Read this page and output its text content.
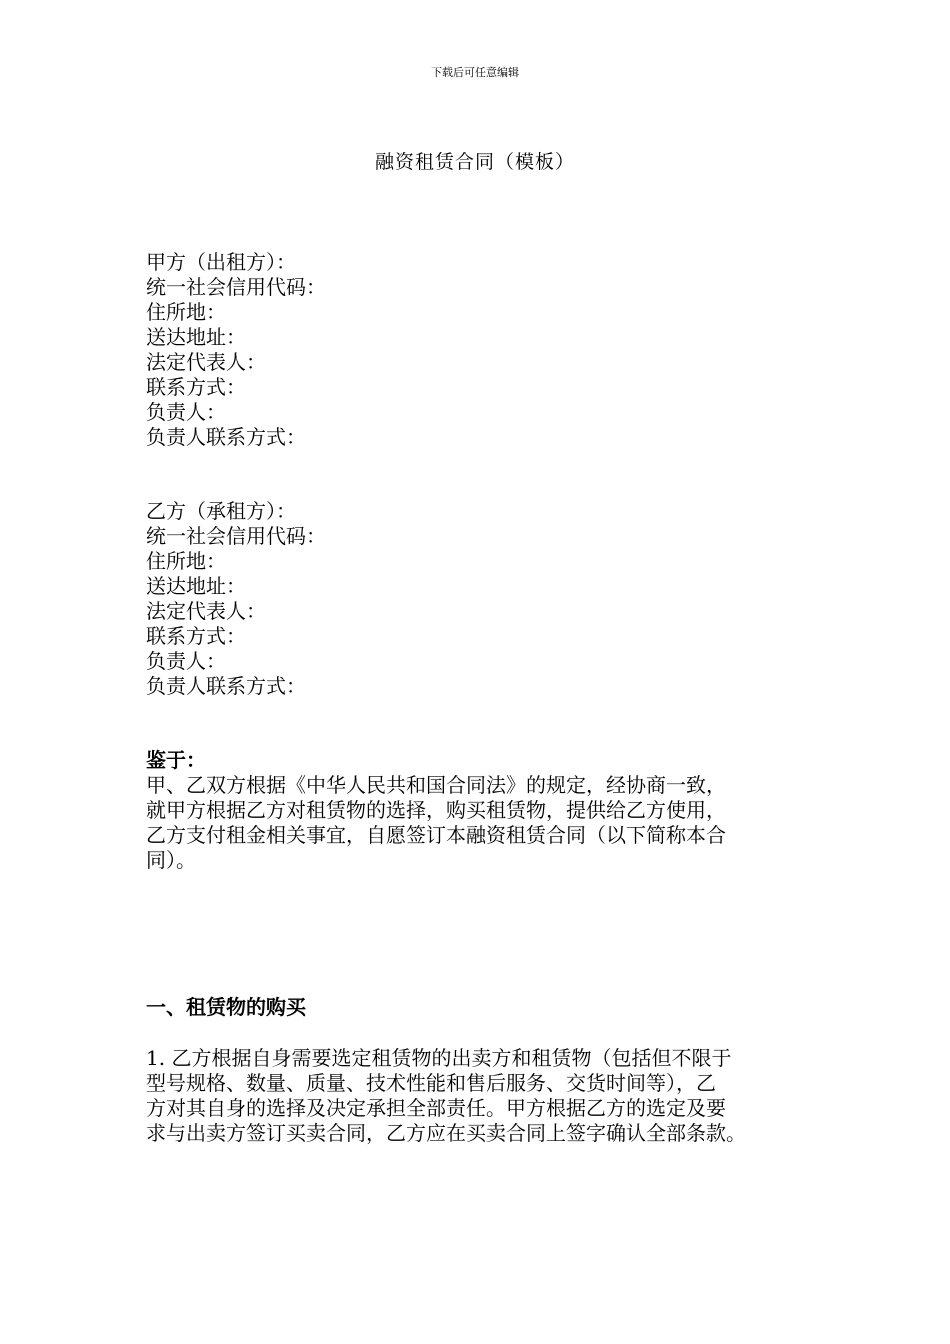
下载后可任意编辑
融资租赁合同（模板）
甲方（出租方）：
统一社会信用代码：
住所地：
送达地址：
法定代表人：
联系方式：
负责人：
负责人联系方式：
乙方（承租方）：
统一社会信用代码：
住所地：
送达地址：
法定代表人：
联系方式：
负责人：
负责人联系方式：
鉴于：
甲、乙双方根据《中华人民共和国合同法》的规定，经协商一致，
就甲方根据乙方对租赁物的选择，购买租赁物，提供给乙方使用，
乙方支付租金相关事宜，自愿签订本融资租赁合同（以下简称本合
同）。
一、租赁物的购买
1. 乙方根据自身需要选定租赁物的出卖方和租赁物（包括但不限于
型号规格、数量、质量、技术性能和售后服务、交货时间等），乙
方对其自身的选择及决定承担全部责任。甲方根据乙方的选定及要
求与出卖方签订买卖合同，乙方应在买卖合同上签字确认全部条款。
